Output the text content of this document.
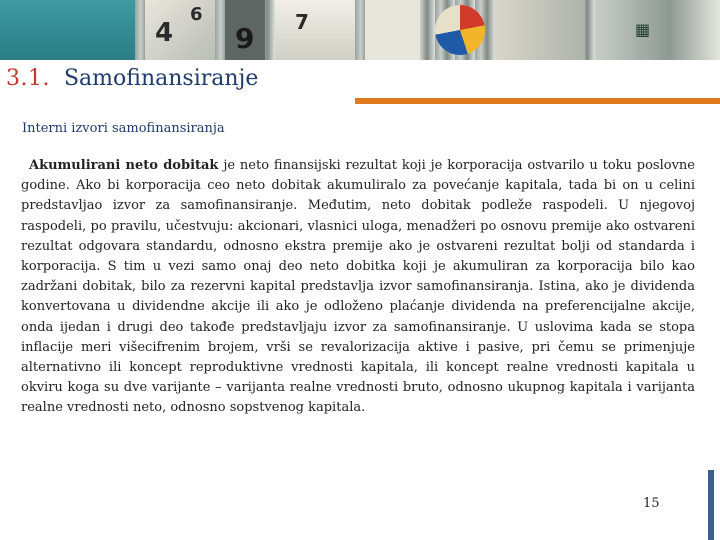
4
6
9 7	▦
3.1. Samofinansiranje
Interni izvori samofinansiranja
Akumulirani neto dobitak je neto finansijski rezultat koji je korporacija ostvarilo u toku poslovne godine. Ako bi korporacija ceo neto dobitak akumuliralo za povećanje kapitala, tada bi on u celini predstavljao izvor za samofinansiranje. Međutim, neto dobitak podleže raspodeli. U njegovoj raspodeli, po pravilu, učestvuju: akcionari, vlasnici uloga, menadžeri po osnovu premije ako ostvareni rezultat odgovara standardu, odnosno ekstra premije ako je ostvareni rezultat bolji od standarda i korporacija. S tim u vezi samo onaj deo neto dobitka koji je akumuliran za korporacija bilo kao zadržani dobitak, bilo za rezervni kapital predstavlja izvor samofinansiranja. Istina, ako je dividenda konvertovana u dividendne akcije ili ako je odloženo plaćanje dividenda na preferencijalne akcije, onda ijedan i drugi deo takođe predstavljaju izvor za samofinansiranje. U uslovima kada se stopa inflacije meri višecifrenim brojem, vrši se revalorizacija aktive i pasive, pri čemu se primenjuje alternativno ili koncept reproduktivne vrednosti kapitala, ili koncept realne vrednosti kapitala u okviru koga su dve varijante – varijanta realne vrednosti bruto, odnosno ukupnog kapitala i varijanta realne vrednosti neto, odnosno sopstvenog kapitala.
15
